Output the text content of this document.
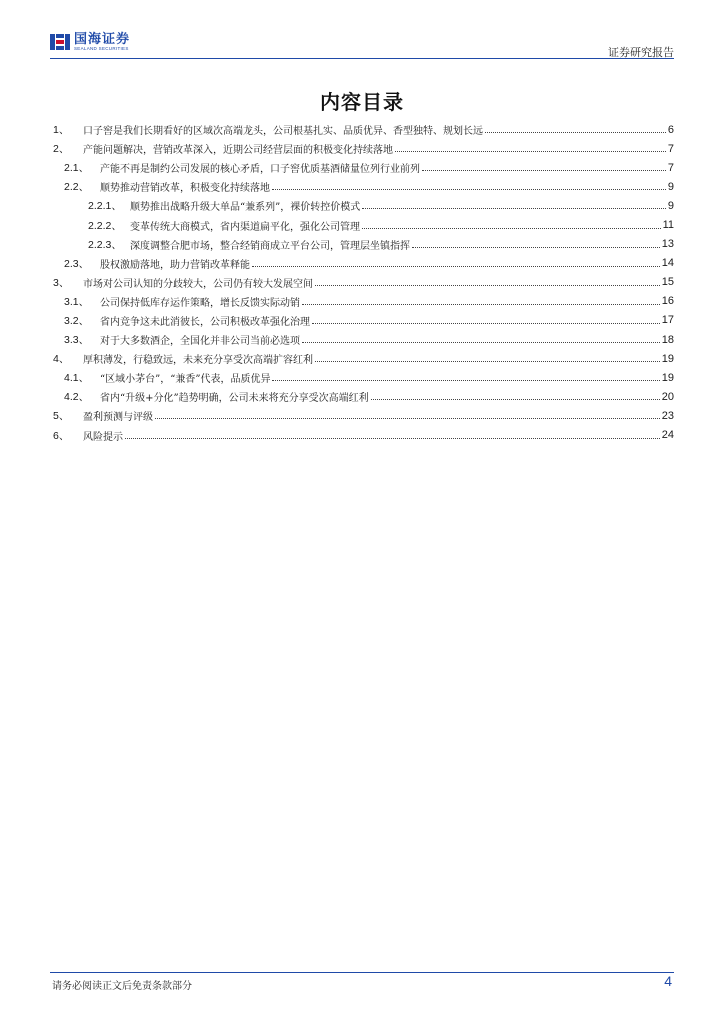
国海证券
SEALAND SECURITIES	证券研究报告
内容目录
1、	口子窖是我们长期看好的区域次高端龙头，公司根基扎实、品质优异、香型独特、规划长远	6
2、	产能问题解决，营销改革深入，近期公司经营层面的积极变化持续落地	7
2.1、	产能不再是制约公司发展的核心矛盾，口子窖优质基酒储量位列行业前列	7
2.2、	顺势推动营销改革，积极变化持续落地	9
2.2.1、 顺势推出战略升级大单品“兼系列”，裸价转控价模式	9
2.2.2、 变革传统大商模式，省内渠道扁平化，强化公司管理	11
2.2.3、 深度调整合肥市场，整合经销商成立平台公司，管理层坐镇指挥	13
2.3、	股权激励落地，助力营销改革释能	14
3、	市场对公司认知的分歧较大，公司仍有较大发展空间	15
3.1、	公司保持低库存运作策略，增长反馈实际动销	16
3.2、	省内竞争这未此消彼长，公司积极改革强化治理	17
3.3、	对于大多数酒企，全国化并非公司当前必选项	18
4、	厚积薄发，行稳致远，未来充分享受次高端扩容红利	19
4.1、	“区域小茅台”，“兼香”代表，品质优异	19
4.2、	省内“升级+分化”趋势明确，公司未来将充分享受次高端红利	20
5、	盈利预测与评级	23
6、	风险提示	24
请务必阅读正文后免责条款部分	4
